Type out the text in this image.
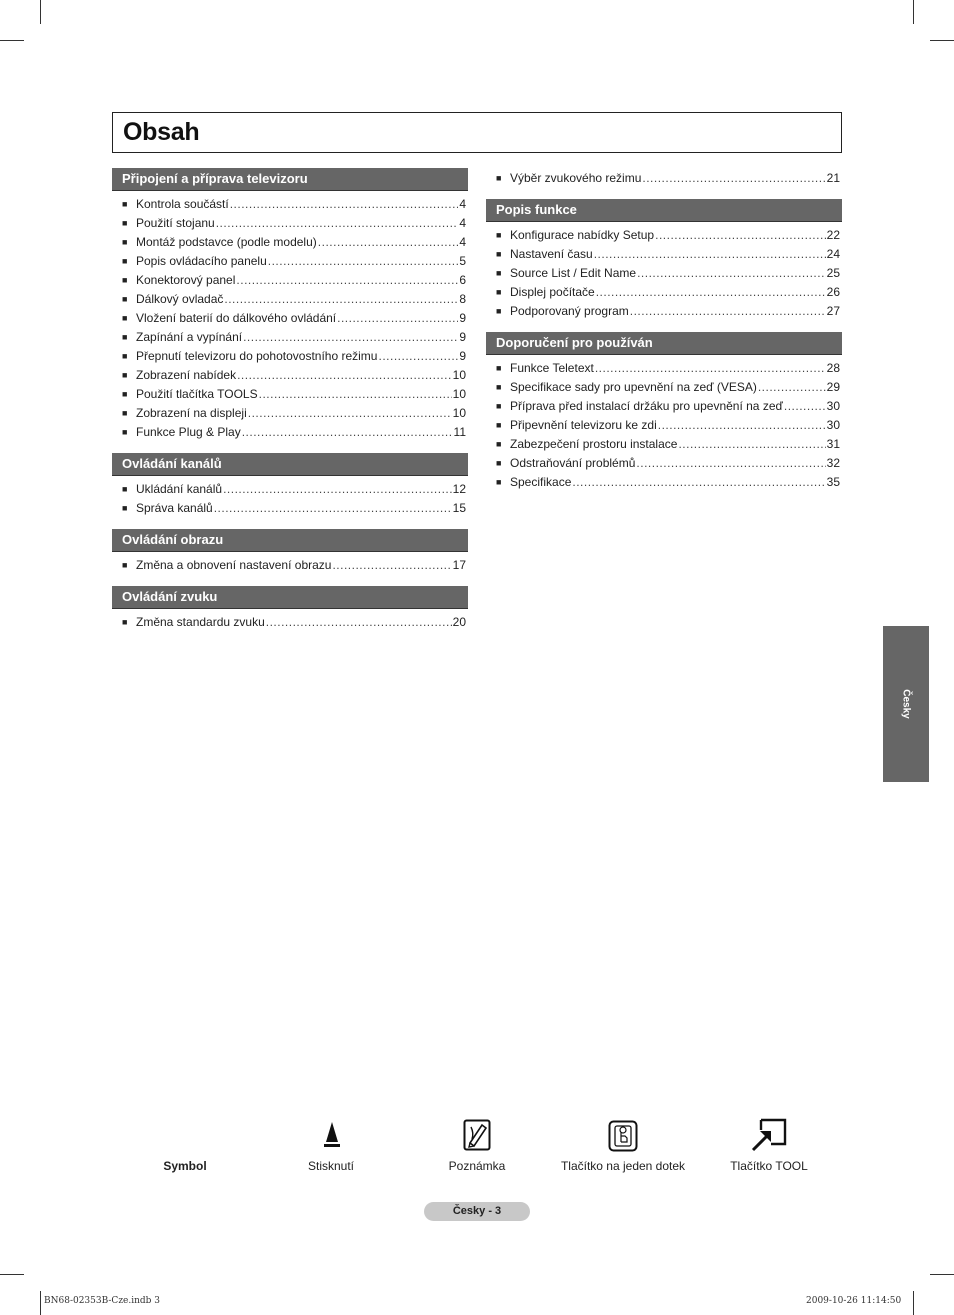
Obsah
Připojení a příprava televizoru
■ Kontrola součástí .....	4
■ Použití stojanu .....	4
■ Montáž podstavce (podle modelu) .....	4
■ Popis ovládacího panelu .....	5
■ Konektorový panel .....	6
■ Dálkový ovladač .....	8
■ Vložení baterií do dálkového ovládání .....	9
■ Zapínání a vypínání .....	9
■ Přepnutí televizoru do pohotovostního režimu .....	9
■ Zobrazení nabídek .....	10
■ Použití tlačítka TOOLS .....	10
■ Zobrazení na displeji .....	10
■ Funkce Plug & Play .....	11
Ovládání kanálů
■ Ukládání kanálů .....	12
■ Správa kanálů .....	15
Ovládání obrazu
■ Změna a obnovení nastavení obrazu .....	17
Ovládání zvuku
■ Změna standardu zvuku .....	20
■ Výběr zvukového režimu .....	21
Popis funkce
■ Konfigurace nabídky Setup .....	22
■ Nastavení času .....	24
■ Source List / Edit Name .....	25
■ Displej počítače .....	26
■ Podporovaný program .....	27
Doporučení pro používán
■ Funkce Teletext .....	28
■ Specifikace sady pro upevnění na zeď (VESA) .....	29
■ Příprava před instalací držáku pro upevnění na zeď .....	30
■ Připevnění televizoru ke zdi .....	30
■ Zabezpečení prostoru instalace .....	31
■ Odstraňování problémů .....	32
■ Specifikace .....	35
Česky
Symbol	Stisknutí	Poznámka	Tlačítko na jeden dotek	Tlačítko TOOL
Česky - 3
BN68-02353B-Cze.indb 3	2009-10-26 11:14:50
